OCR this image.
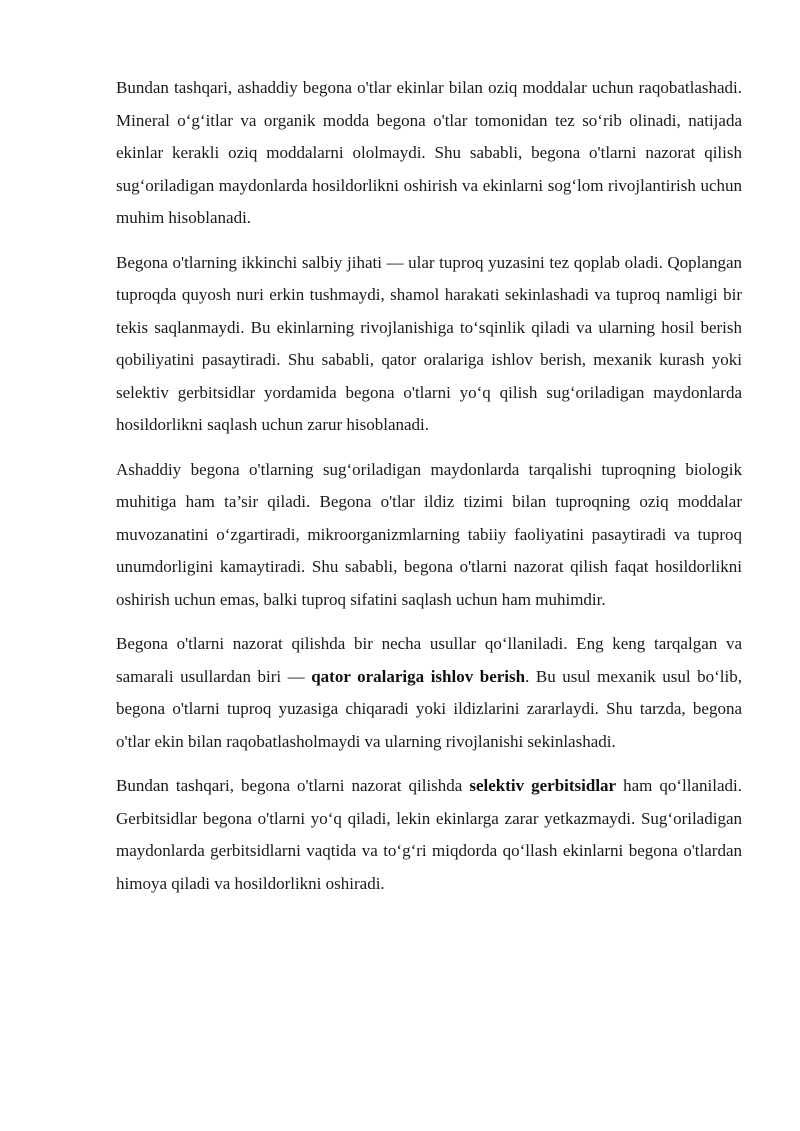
Bundan tashqari, ashaddiy begona o'tlar ekinlar bilan oziq moddalar uchun raqobatlashadi. Mineral o‘g‘itlar va organik modda begona o'tlar tomonidan tez so‘rib olinadi, natijada ekinlar kerakli oziq moddalarni ololmaydi. Shu sababli, begona o'tlarni nazorat qilish sug‘oriladigan maydonlarda hosildorlikni oshirish va ekinlarni sog‘lom rivojlantirish uchun muhim hisoblanadi.

Begona o'tlarning ikkinchi salbiy jihati — ular tuproq yuzasini tez qoplab oladi. Qoplangan tuproqda quyosh nuri erkin tushmaydi, shamol harakati sekinlashadi va tuproq namligi bir tekis saqlanmaydi. Bu ekinlarning rivojlanishiga to‘sqinlik qiladi va ularning hosil berish qobiliyatini pasaytiradi. Shu sababli, qator oralariga ishlov berish, mexanik kurash yoki selektiv gerbitsidlar yordamida begona o'tlarni yo‘q qilish sug‘oriladigan maydonlarda hosildorlikni saqlash uchun zarur hisoblanadi.

Ashaddiy begona o'tlarning sug‘oriladigan maydonlarda tarqalishi tuproqning biologik muhitiga ham ta’sir qiladi. Begona o'tlar ildiz tizimi bilan tuproqning oziq moddalar muvozanatini o‘zgartiradi, mikroorganizmlarning tabiiy faoliyatini pasaytiradi va tuproq unumdorligini kamaytiradi. Shu sababli, begona o'tlarni nazorat qilish faqat hosildorlikni oshirish uchun emas, balki tuproq sifatini saqlash uchun ham muhimdir.

Begona o'tlarni nazorat qilishda bir necha usullar qo‘llaniladi. Eng keng tarqalgan va samarali usullardan biri — qator oralariga ishlov berish. Bu usul mexanik usul bo‘lib, begona o'tlarni tuproq yuzasiga chiqaradi yoki ildizlarini zararlaydi. Shu tarzda, begona o'tlar ekin bilan raqobatlasholmaydi va ularning rivojlanishi sekinlashadi.

Bundan tashqari, begona o'tlarni nazorat qilishda selektiv gerbitsidlar ham qo‘llaniladi. Gerbitsidlar begona o'tlarni yo‘q qiladi, lekin ekinlarga zarar yetkazmaydi. Sug‘oriladigan maydonlarda gerbitsidlarni vaqtida va to‘g‘ri miqdorda qo‘llash ekinlarni begona o'tlardan himoya qiladi va hosildorlikni oshiradi.
